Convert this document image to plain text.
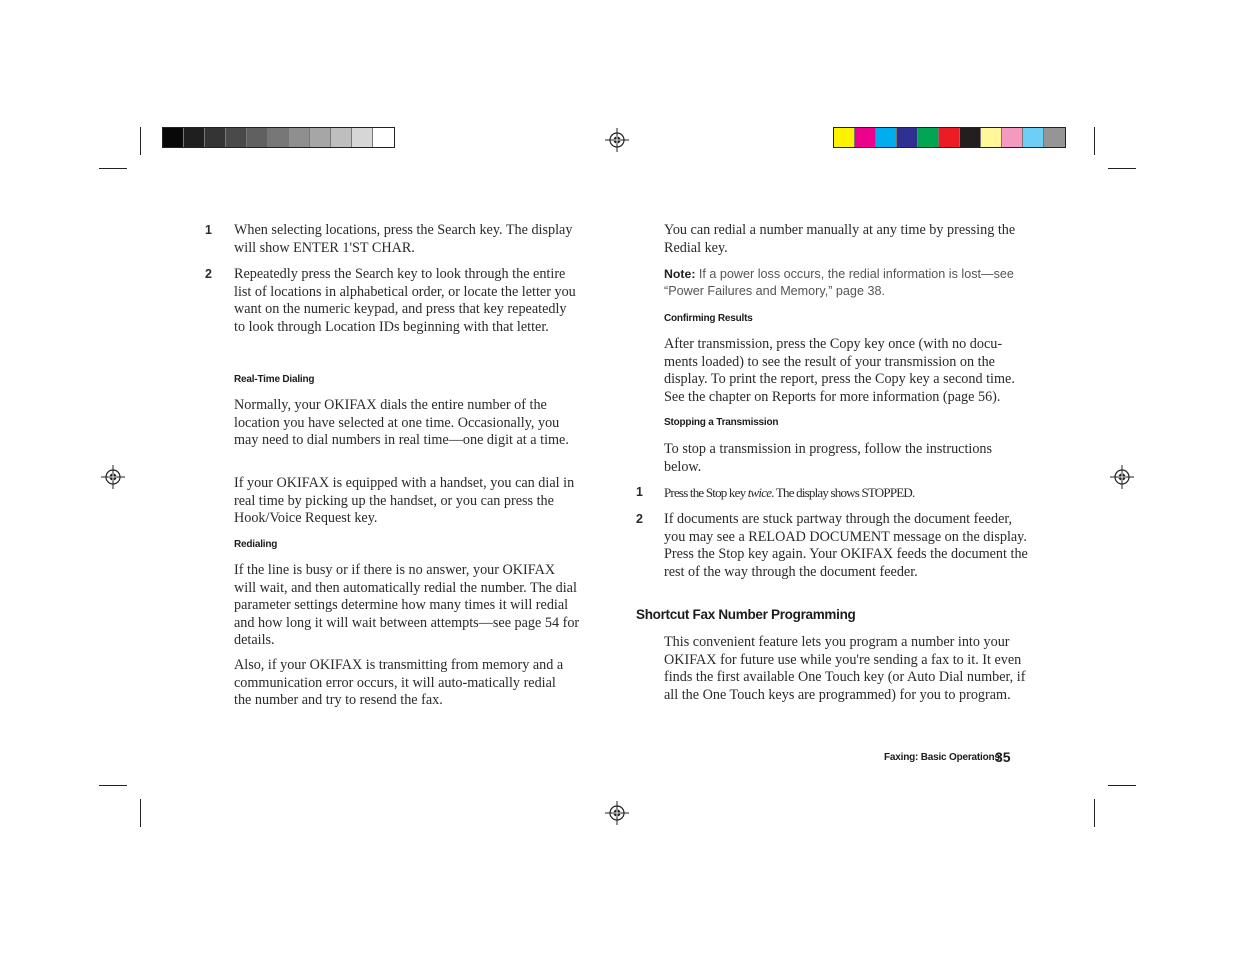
1 When selecting locations, press the Search key. The display will show ENTER 1'ST CHAR.

2 Repeatedly press the Search key to look through the entire list of locations in alphabetical order, or locate the letter you want on the numeric keypad, and press that key repeatedly to look through Location IDs beginning with that letter.

Real-Time Dialing

Normally, your OKIFAX dials the entire number of the location you have selected at one time. Occasionally, you may need to dial numbers in real time—one digit at a time.

If your OKIFAX is equipped with a handset, you can dial in real time by picking up the handset, or you can press the Hook/Voice Request key.

Redialing

If the line is busy or if there is no answer, your OKIFAX will wait, and then automatically redial the number. The dial parameter settings determine how many times it will redial and how long it will wait between attempts—see page 54 for details.

Also, if your OKIFAX is transmitting from memory and a communication error occurs, it will auto-matically redial the number and try to resend the fax.

You can redial a number manually at any time by pressing the Redial key.

Note: If a power loss occurs, the redial information is lost—see “Power Failures and Memory,” page 38.

Confirming Results

After transmission, press the Copy key once (with no docu-ments loaded) to see the result of your transmission on the display. To print the report, press the Copy key a second time. See the chapter on Reports for more information (page 56).

Stopping a Transmission

To stop a transmission in progress, follow the instructions below.

1 Press the Stop key twice. The display shows STOPPED.

2 If documents are stuck partway through the document feeder, you may see a RELOAD DOCUMENT message on the display. Press the Stop key again. Your OKIFAX feeds the document the rest of the way through the document feeder.

Shortcut Fax Number Programming

This convenient feature lets you program a number into your OKIFAX for future use while you're sending a fax to it. It even finds the first available One Touch key (or Auto Dial number, if all the One Touch keys are programmed) for you to program.

Faxing: Basic Operations
35
